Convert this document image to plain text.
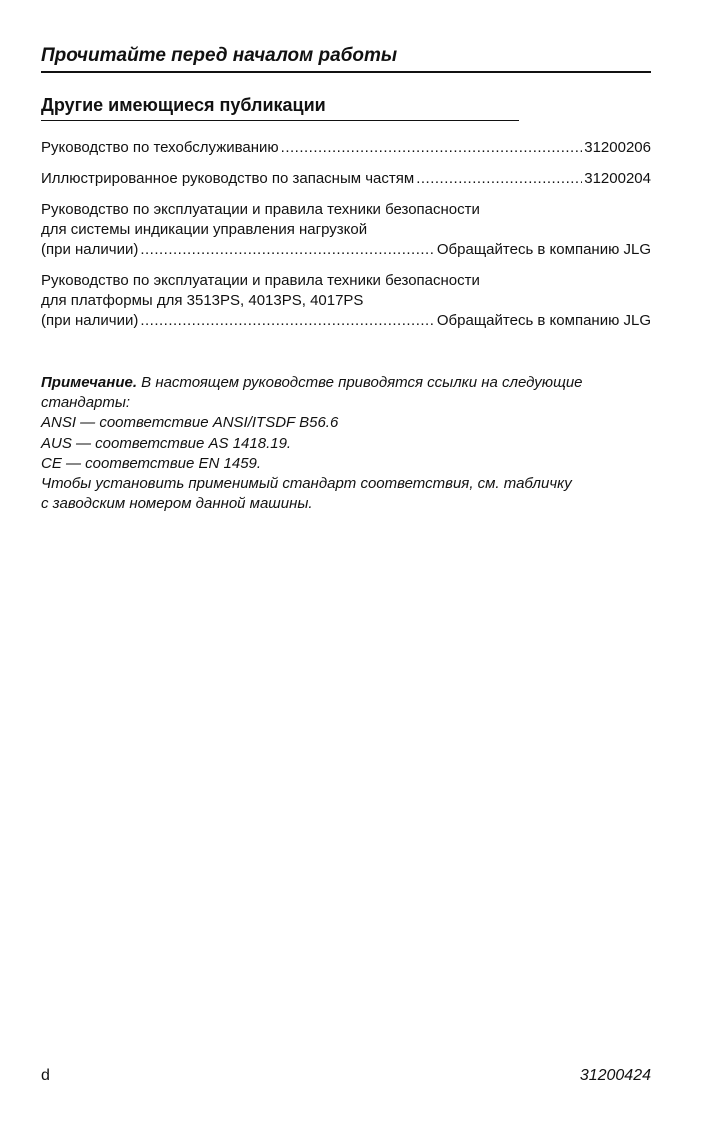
Прочитайте перед началом работы
Другие имеющиеся публикации
Руководство по техобслуживанию .....	31200206
Иллюстрированное руководство по запасным частям .....	31200204
Руководство по эксплуатации и правила техники безопасности
для системы индикации управления нагрузкой
(при наличии) .....	Обращайтесь в компанию JLG
Руководство по эксплуатации и правила техники безопасности
для платформы для 3513PS, 4013PS, 4017PS
(при наличии) .....	Обращайтесь в компанию JLG
Примечание. В настоящем руководстве приводятся ссылки на следующие
стандарты:
ANSI — соответствие ANSI/ITSDF B56.6
AUS — соответствие AS 1418.19.
CE — соответствие EN 1459.
Чтобы установить применимый стандарт соответствия, см. табличку
с заводским номером данной машины.
d	31200424
